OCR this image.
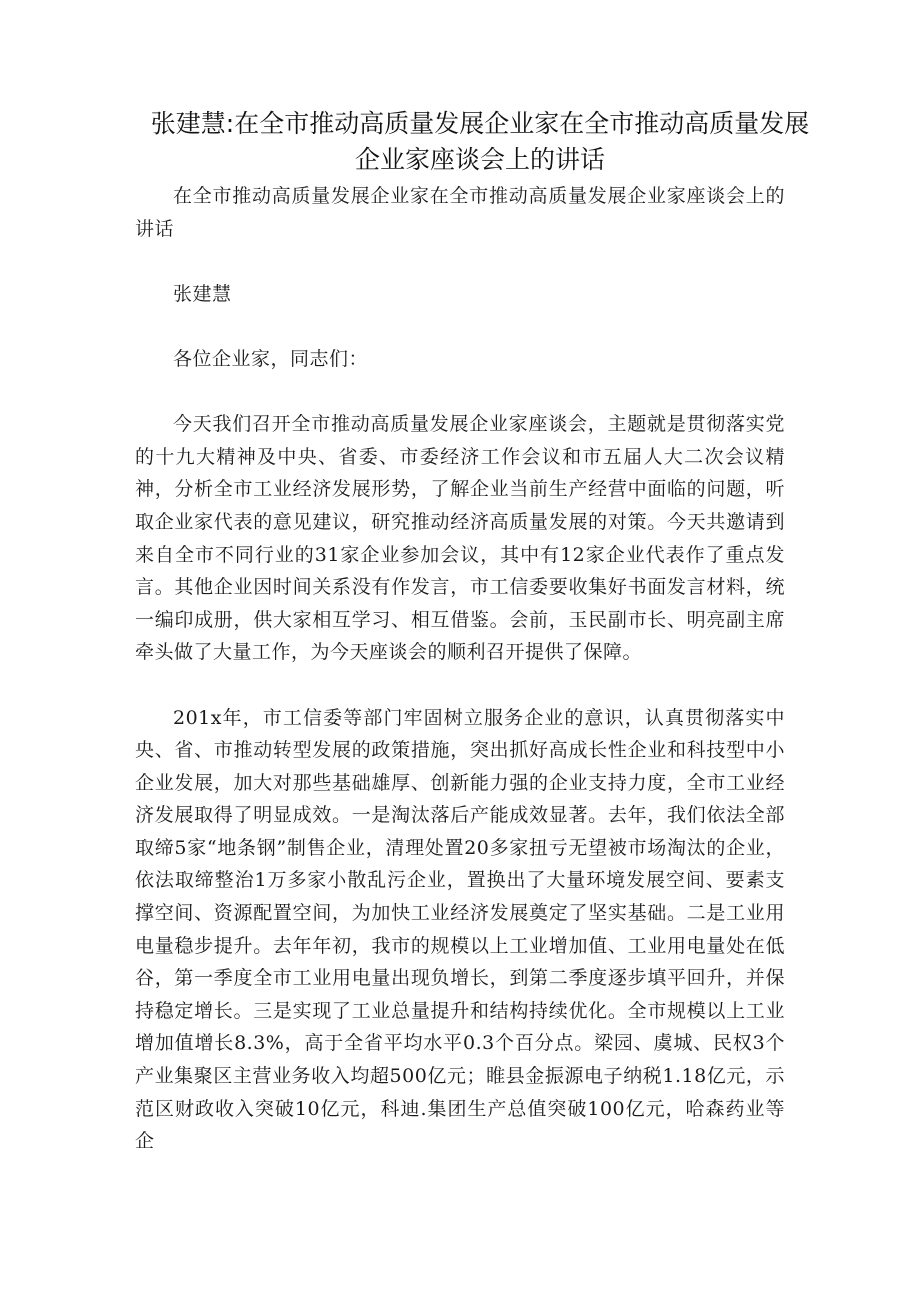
张建慧:在全市推动高质量发展企业家在全市推动高质量发展企业家座谈会上的讲话

在全市推动高质量发展企业家在全市推动高质量发展企业家座谈会上的讲话

张建慧

各位企业家，同志们：

今天我们召开全市推动高质量发展企业家座谈会，主题就是贯彻落实党的十九大精神及中央、省委、市委经济工作会议和市五届人大二次会议精神，分析全市工业经济发展形势，了解企业当前生产经营中面临的问题，听取企业家代表的意见建议，研究推动经济高质量发展的对策。今天共邀请到来自全市不同行业的31家企业参加会议，其中有12家企业代表作了重点发言。其他企业因时间关系没有作发言，市工信委要收集好书面发言材料，统一编印成册，供大家相互学习、相互借鉴。会前，玉民副市长、明亮副主席牵头做了大量工作，为今天座谈会的顺利召开提供了保障。

201x年，市工信委等部门牢固树立服务企业的意识，认真贯彻落实中央、省、市推动转型发展的政策措施，突出抓好高成长性企业和科技型中小企业发展，加大对那些基础雄厚、创新能力强的企业支持力度，全市工业经济发展取得了明显成效。一是淘汰落后产能成效显著。去年，我们依法全部取缔5家“地条钢”制售企业，清理处置20多家扭亏无望被市场淘汰的企业，依法取缔整治1万多家小散乱污企业，置换出了大量环境发展空间、要素支撑空间、资源配置空间，为加快工业经济发展奠定了坚实基础。二是工业用电量稳步提升。去年年初，我市的规模以上工业增加值、工业用电量处在低谷，第一季度全市工业用电量出现负增长，到第二季度逐步填平回升，并保持稳定增长。三是实现了工业总量提升和结构持续优化。全市规模以上工业增加值增长8.3%，高于全省平均水平0.3个百分点。梁园、虞城、民权3个产业集聚区主营业务收入均超500亿元；睢县金振源电子纳税1.18亿元，示范区财政收入突破10亿元，科迪.集团生产总值突破100亿元，哈森药业等企
